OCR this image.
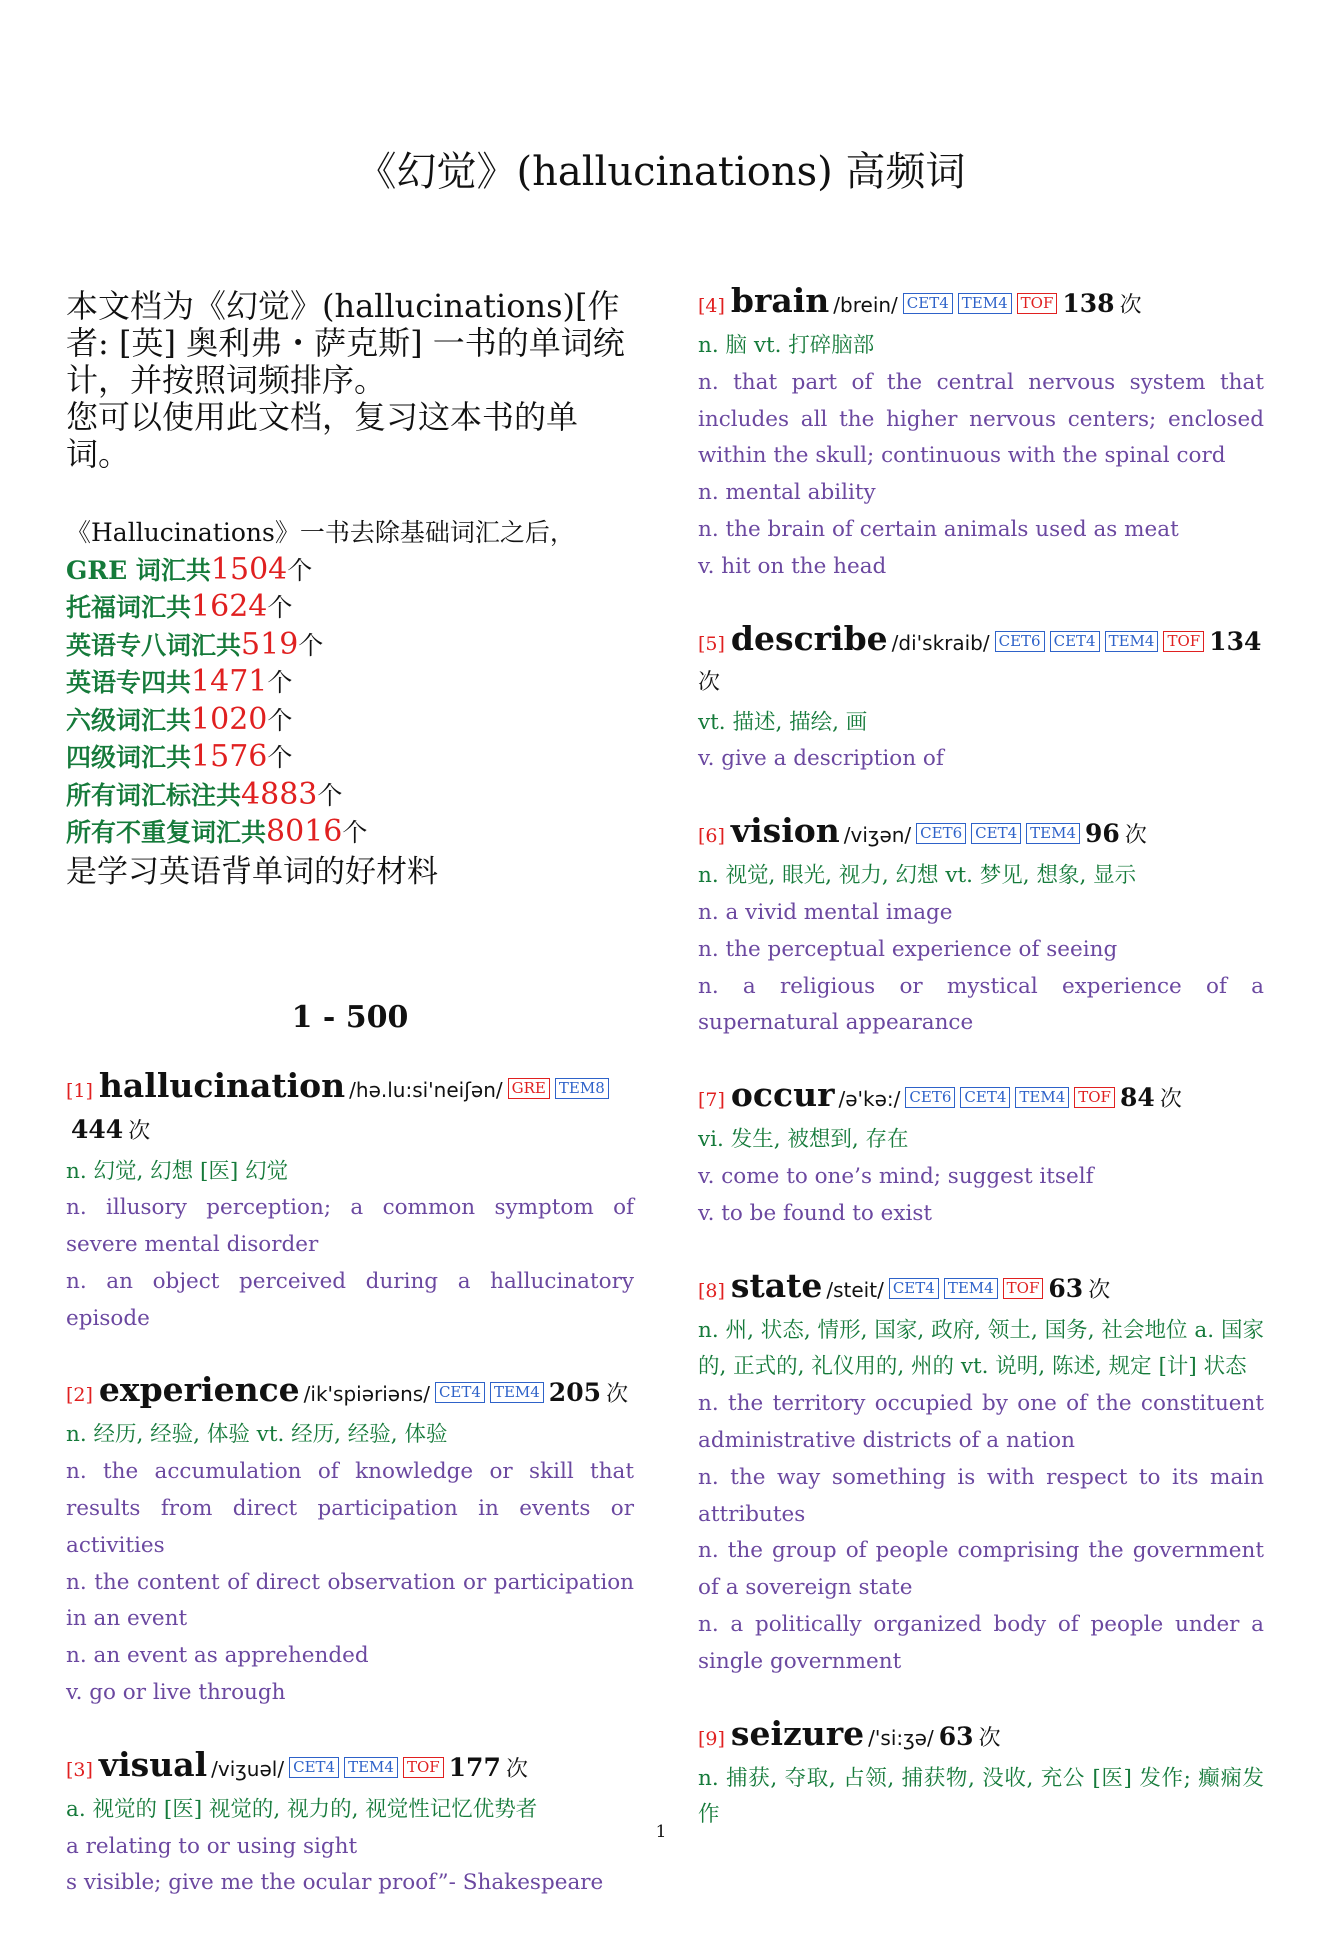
《幻觉》(hallucinations) 高频词

本文档为《幻觉》(hallucinations)[作者: [英] 奥利弗・萨克斯] 一书的单词统计，并按照词频排序。

您可以使用此文档，复习这本书的单词。

《Hallucinations》一书去除基础词汇之后，
GRE 词汇共1504个
托福词汇共1624个
英语专八词汇共519个
英语专四共1471个
六级词汇共1020个
四级词汇共1576个
所有词汇标注共4883个
所有不重复词汇共8016个
是学习英语背单词的好材料
1 - 500
[1] hallucination /hə.lu:si'neiʃən/ GRE TEM8444 次
n. 幻觉, 幻想 [医] 幻觉
n. illusory perception; a common symptom of severe mental disorder
n. an object perceived during a hallucinatory episode
[2] experience /ik'spiəriəns/ CET4 TEM4 205 次
n. 经历, 经验, 体验 vt. 经历, 经验, 体验
n. the accumulation of knowledge or skill that results from direct participation in events or activities
n. the content of direct observation or participation in an event
n. an event as apprehended
v. go or live through
[3] visual /viʒuəl/ CET4 TEM4 TOF 177 次
a. 视觉的 [医] 视觉的, 视力的, 视觉性记忆优势者
a relating to or using sight
s visible; give me the ocular proof”- Shakespeare
[4] brain /brein/ CET4 TEM4 TOF 138 次
n. 脑 vt. 打碎脑部
n. that part of the central nervous system that includes all the higher nervous centers; enclosed within the skull; continuous with the spinal cord
n. mental ability
n. the brain of certain animals used as meat
v. hit on the head
[5] describe /di'skraib/ CET6 CET4 TEM4 TOF 134 次
vt. 描述, 描绘, 画
v. give a description of
[6] vision /viʒən/ CET6 CET4 TEM4 96 次
n. 视觉, 眼光, 视力, 幻想 vt. 梦见, 想象, 显示
n. a vivid mental image
n. the perceptual experience of seeing
n. a religious or mystical experience of a supernatural appearance
[7] occur /ə'kə:/ CET6 CET4 TEM4 TOF 84 次
vi. 发生, 被想到, 存在
v. come to one’s mind; suggest itself
v. to be found to exist
[8] state /steit/ CET4 TEM4 TOF 63 次
n. 州, 状态, 情形, 国家, 政府, 领土, 国务, 社会地位 a. 国家的, 正式的, 礼仪用的, 州的 vt. 说明, 陈述, 规定 [计] 状态
n. the territory occupied by one of the constituent administrative districts of a nation
n. the way something is with respect to its main attributes
n. the group of people comprising the government of a sovereign state
n. a politically organized body of people under a single government
[9] seizure /'si:ʒə/ 63 次
n. 捕获, 夺取, 占领, 捕获物, 没收, 充公 [医] 发作; 癫痫发作
1
